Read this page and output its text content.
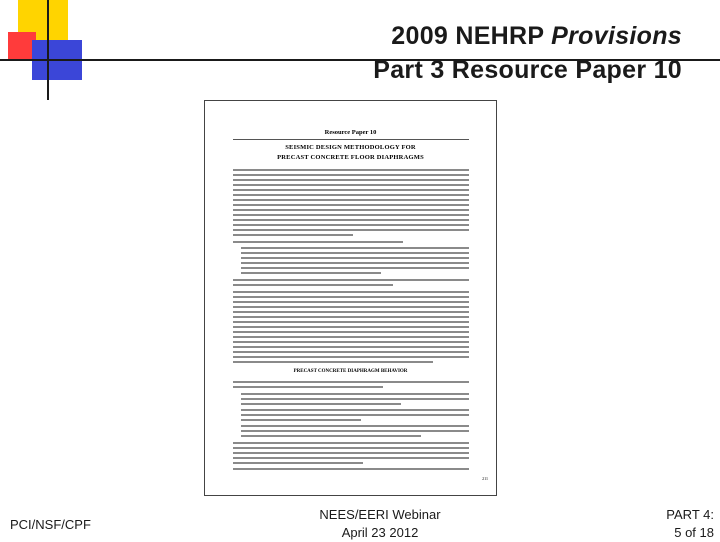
2009 NEHRP Provisions
Part 3 Resource Paper 10
Resource Paper 10
SEISMIC DESIGN METHODOLOGY FOR
PRECAST CONCRETE FLOOR DIAPHRAGMS
PRECAST CONCRETE DIAPHRAGM BEHAVIOR
211
PCI/NSF/CPF
NEES/EERI Webinar
April 23 2012
PART 4:
5 of 18
